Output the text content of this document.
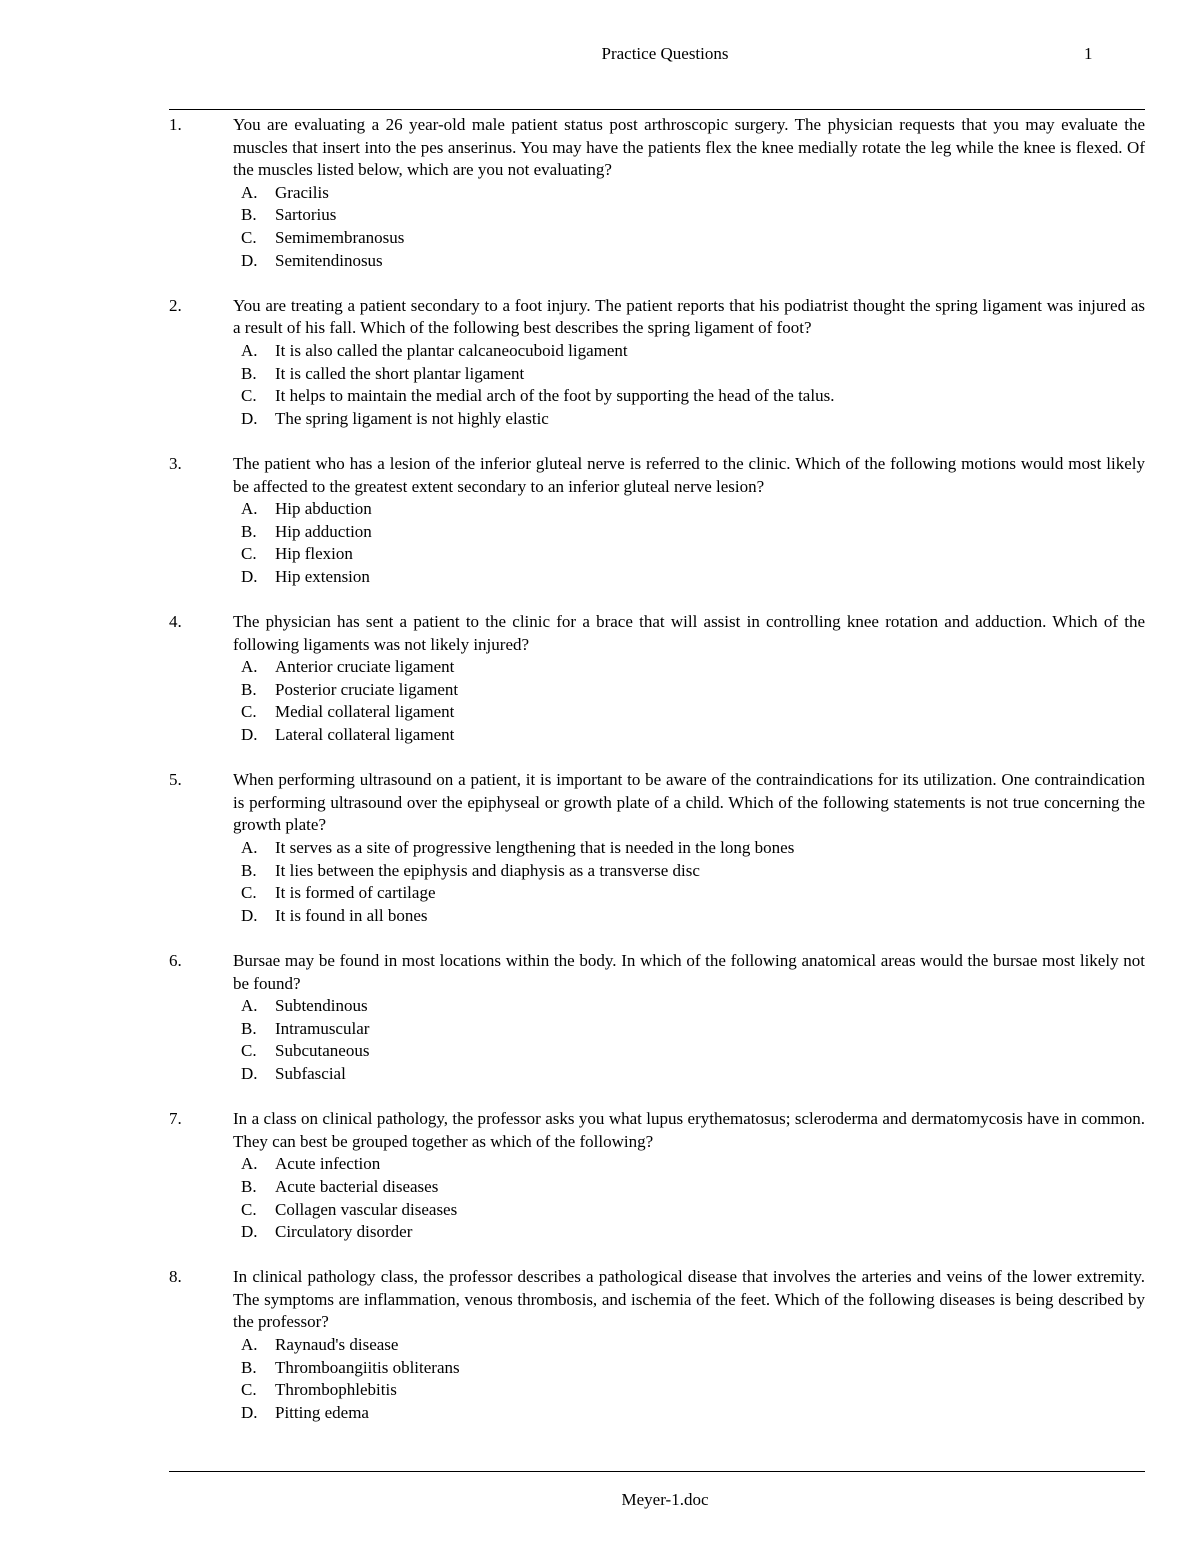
Practice Questions	1
1.	You are evaluating a 26 year-old male patient status post arthroscopic surgery. The physician requests that you may evaluate the muscles that insert into the pes anserinus. You may have the patients flex the knee medially rotate the leg while the knee is flexed. Of the muscles listed below, which are you not evaluating?
A. Gracilis
B. Sartorius
C. Semimembranosus
D. Semitendinosus
2.	You are treating a patient secondary to a foot injury. The patient reports that his podiatrist thought the spring ligament was injured as a result of his fall. Which of the following best describes the spring ligament of foot?
A. It is also called the plantar calcaneocuboid ligament
B. It is called the short plantar ligament
C. It helps to maintain the medial arch of the foot by supporting the head of the talus.
D. The spring ligament is not highly elastic
3.	The patient who has a lesion of the inferior gluteal nerve is referred to the clinic. Which of the following motions would most likely be affected to the greatest extent secondary to an inferior gluteal nerve lesion?
A. Hip abduction
B. Hip adduction
C. Hip flexion
D. Hip extension
4.	The physician has sent a patient to the clinic for a brace that will assist in controlling knee rotation and adduction. Which of the following ligaments was not likely injured?
A. Anterior cruciate ligament
B. Posterior cruciate ligament
C. Medial collateral ligament
D. Lateral collateral ligament
5.	When performing ultrasound on a patient, it is important to be aware of the contraindications for its utilization. One contraindication is performing ultrasound over the epiphyseal or growth plate of a child. Which of the following statements is not true concerning the growth plate?
A. It serves as a site of progressive lengthening that is needed in the long bones
B. It lies between the epiphysis and diaphysis as a transverse disc
C. It is formed of cartilage
D. It is found in all bones
6.	Bursae may be found in most locations within the body. In which of the following anatomical areas would the bursae most likely not be found?
A. Subtendinous
B. Intramuscular
C. Subcutaneous
D. Subfascial
7.	In a class on clinical pathology, the professor asks you what lupus erythematosus; scleroderma and dermatomycosis have in common. They can best be grouped together as which of the following?
A. Acute infection
B. Acute bacterial diseases
C. Collagen vascular diseases
D. Circulatory disorder
8.	In clinical pathology class, the professor describes a pathological disease that involves the arteries and veins of the lower extremity. The symptoms are inflammation, venous thrombosis, and ischemia of the feet. Which of the following diseases is being described by the professor?
A. Raynaud's disease
B. Thromboangiitis obliterans
C. Thrombophlebitis
D. Pitting edema
Meyer-1.doc
